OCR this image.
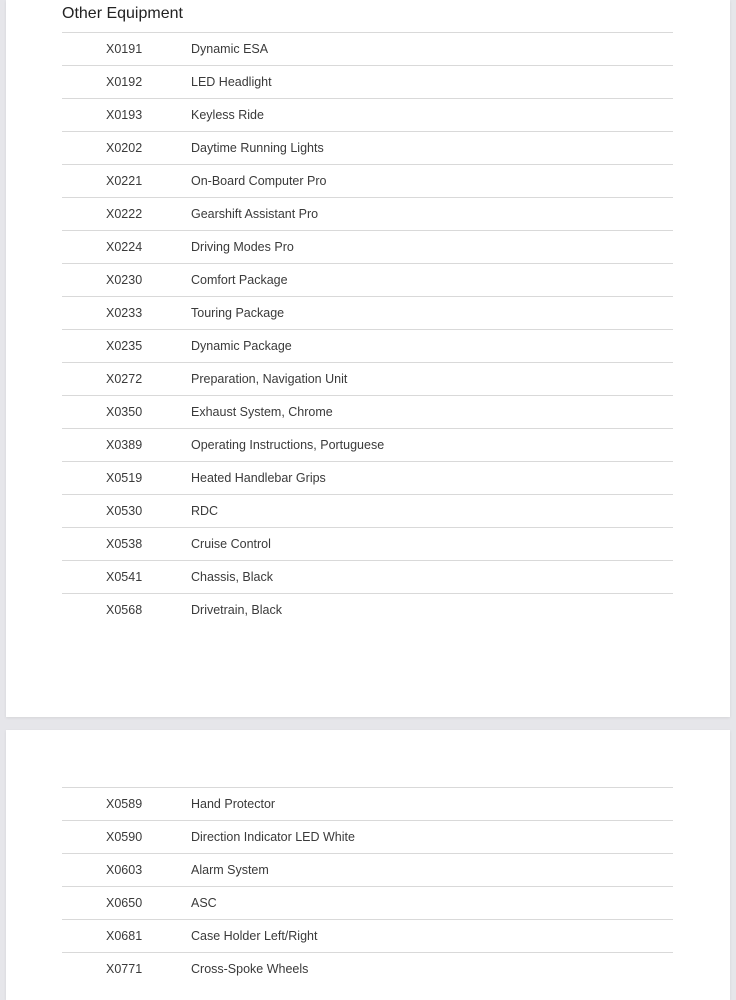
Other Equipment
X0191	Dynamic ESA
X0192	LED Headlight
X0193	Keyless Ride
X0202	Daytime Running Lights
X0221	On-Board Computer Pro
X0222	Gearshift Assistant Pro
X0224	Driving Modes Pro
X0230	Comfort Package
X0233	Touring Package
X0235	Dynamic Package
X0272	Preparation, Navigation Unit
X0350	Exhaust System, Chrome
X0389	Operating Instructions, Portuguese
X0519	Heated Handlebar Grips
X0530	RDC
X0538	Cruise Control
X0541	Chassis, Black
X0568	Drivetrain, Black
X0589	Hand Protector
X0590	Direction Indicator LED White
X0603	Alarm System
X0650	ASC
X0681	Case Holder Left/Right
X0771	Cross-Spoke Wheels
